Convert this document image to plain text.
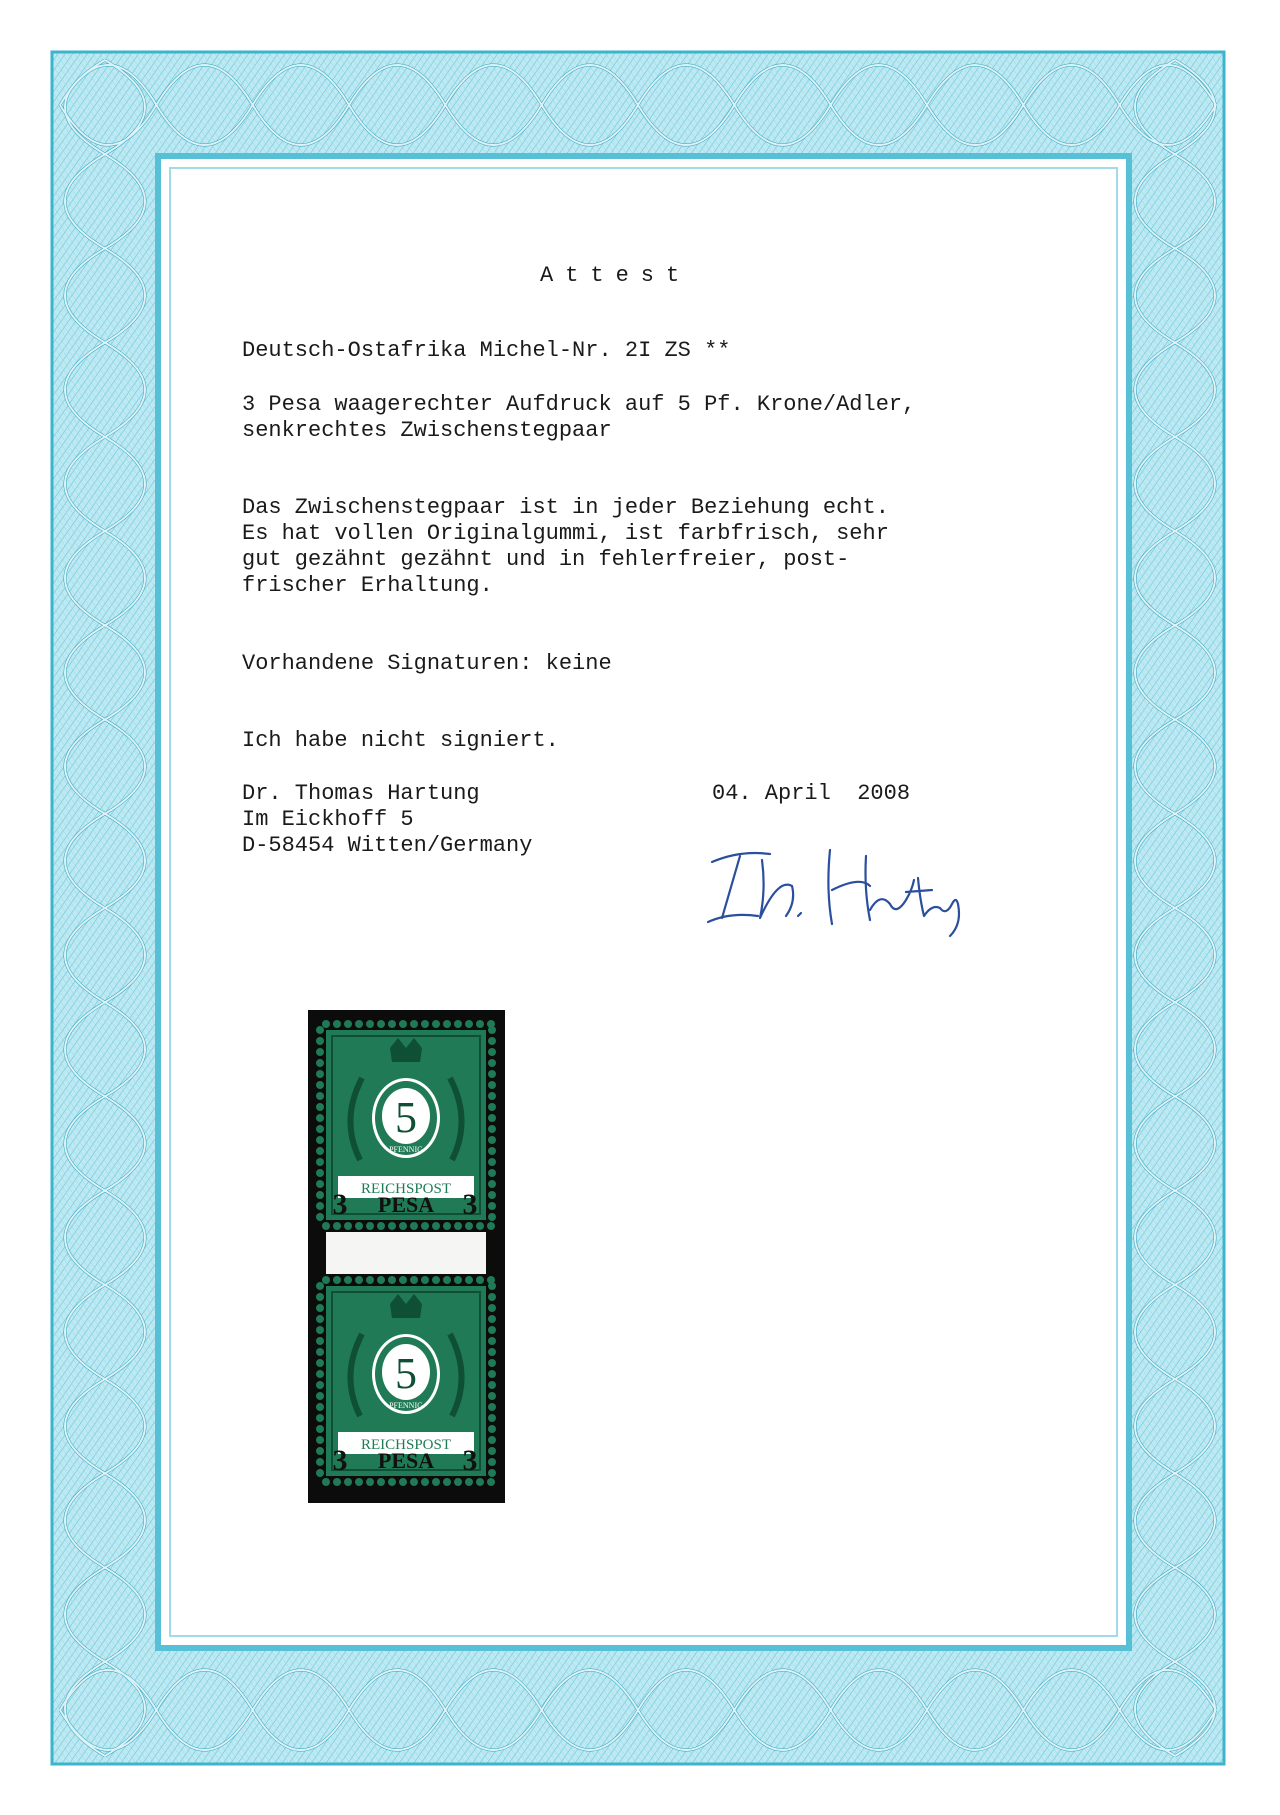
Attest
Deutsch-Ostafrika Michel-Nr. 2I ZS **
3 Pesa waagerechter Aufdruck auf 5 Pf. Krone/Adler,
senkrechtes Zwischenstegpaar
Das Zwischenstegpaar ist in jeder Beziehung echt.
Es hat vollen Originalgummi, ist farbfrisch, sehr
gut gezähnt gezähnt und in fehlerfreier, post-
frischer Erhaltung.
Vorhandene Signaturen: keine
Ich habe nicht signiert.
Dr. Thomas Hartung
Im Eickhoff 5
D-58454 Witten/Germany
04. April  2008
5
PFENNIG
REICHSPOST
3 PESA 3
5
PFENNIG
REICHSPOST
3 PESA 3
